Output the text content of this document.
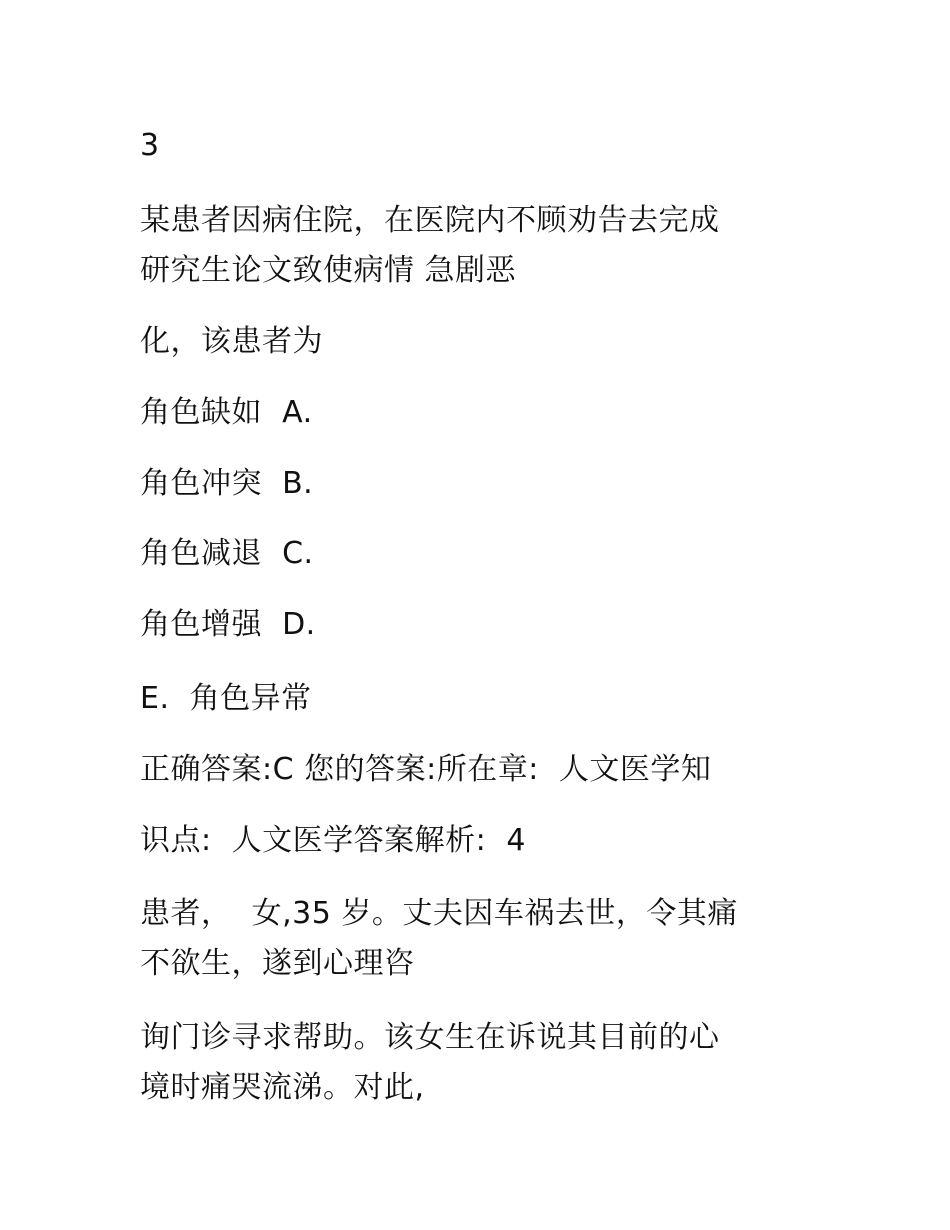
3
某患者因病住院，在医院内不顾劝告去完成
研究生论文致使病情 急剧恶
化，该患者为
角色缺如  A.
角色冲突  B.
角色减退  C.
角色增强  D.
E.  角色异常
正确答案:C 您的答案:所在章:  人文医学知
识点:  人文医学答案解析:  4
患者，  女,35 岁。丈夫因车祸去世，令其痛
不欲生，遂到心理咨
询门诊寻求帮助。该女生在诉说其目前的心
境时痛哭流涕。对此,
